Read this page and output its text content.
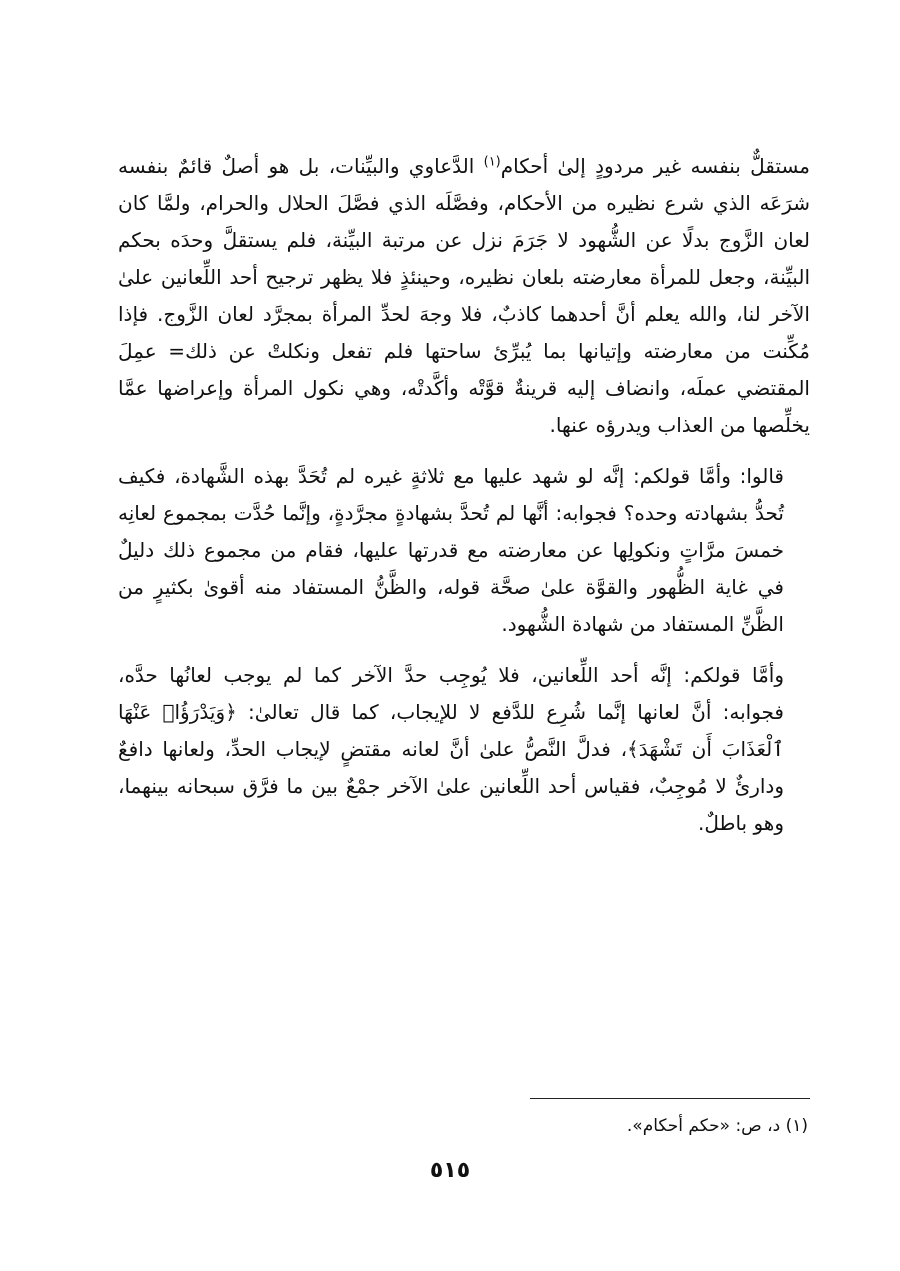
مستقلٌّ بنفسه غير مردودٍ إلىٰ أحكام$^{(١)}$ الدَّعاوي والبيِّنات، بل هو أصلٌ قائمٌ بنفسه شرَعَه الذي شرع نظيره من الأحكام، وفصَّلَه الذي فصَّلَ الحلال والحرام، ولمَّا كان لعان الزَّوج بدلًا عن الشُّهود لا جَرَمَ نزل عن مرتبة البيِّنة، فلم يستقلَّ وحدَه بحكم البيِّنة، وجعل للمرأة معارضته بلعان نظيره، وحينئذٍ فلا يظهر ترجيح أحد اللِّعانين علىٰ الآخر لنا، والله يعلم أنَّ أحدهما كاذبٌ، فلا وجهَ لحدِّ المرأة بمجرَّد لعان الزَّوج. فإذا مُكِّنت من معارضته وإتيانها بما يُبرِّئ ساحتها فلم تفعل ونكلتْ عن ذلك= عمِلَ المقتضي عملَه، وانضاف إليه قرينةٌ قوَّتْه وأكَّدتْه، وهي نكول المرأة وإعراضها عمَّا يخلِّصها من العذاب ويدرؤه عنها.

قالوا: وأمَّا قولكم: إنَّه لو شهد عليها مع ثلاثةٍ غيره لم تُحَدَّ بهذه الشَّهادة، فكيف تُحدُّ بشهادته وحده؟ فجوابه: أنَّها لم تُحدَّ بشهادةٍ مجرَّدةٍ، وإنَّما حُدَّت بمجموع لعانِه خمسَ مرَّاتٍ ونكولِها عن معارضته مع قدرتها عليها، فقام من مجموع ذلك دليلٌ في غاية الظُّهور والقوَّة علىٰ صحَّة قوله، والظَّنُّ المستفاد منه أقوىٰ بكثيرٍ من الظَّنِّ المستفاد من شهادة الشُّهود.

وأمَّا قولكم: إنَّه أحد اللِّعانين، فلا يُوجِب حدَّ الآخر كما لم يوجب لعانُها حدَّه، فجوابه: أنَّ لعانها إنَّما شُرِع للدَّفع لا للإيجاب، كما قال تعالىٰ: ﴿وَيَدْرَؤُا۟ عَنْهَا ٱلْعَذَابَ أَن تَشْهَدَ﴾، فدلَّ النَّصُّ علىٰ أنَّ لعانه مقتضٍ لإيجاب الحدِّ، ولعانها دافعٌ ودارئٌ لا مُوجِبٌ، فقياس أحد اللِّعانين علىٰ الآخر جمْعٌ بين ما فرَّق سبحانه بينهما، وهو باطلٌ.

(١) د، ص: «حكم أحكام».
٥١٥
